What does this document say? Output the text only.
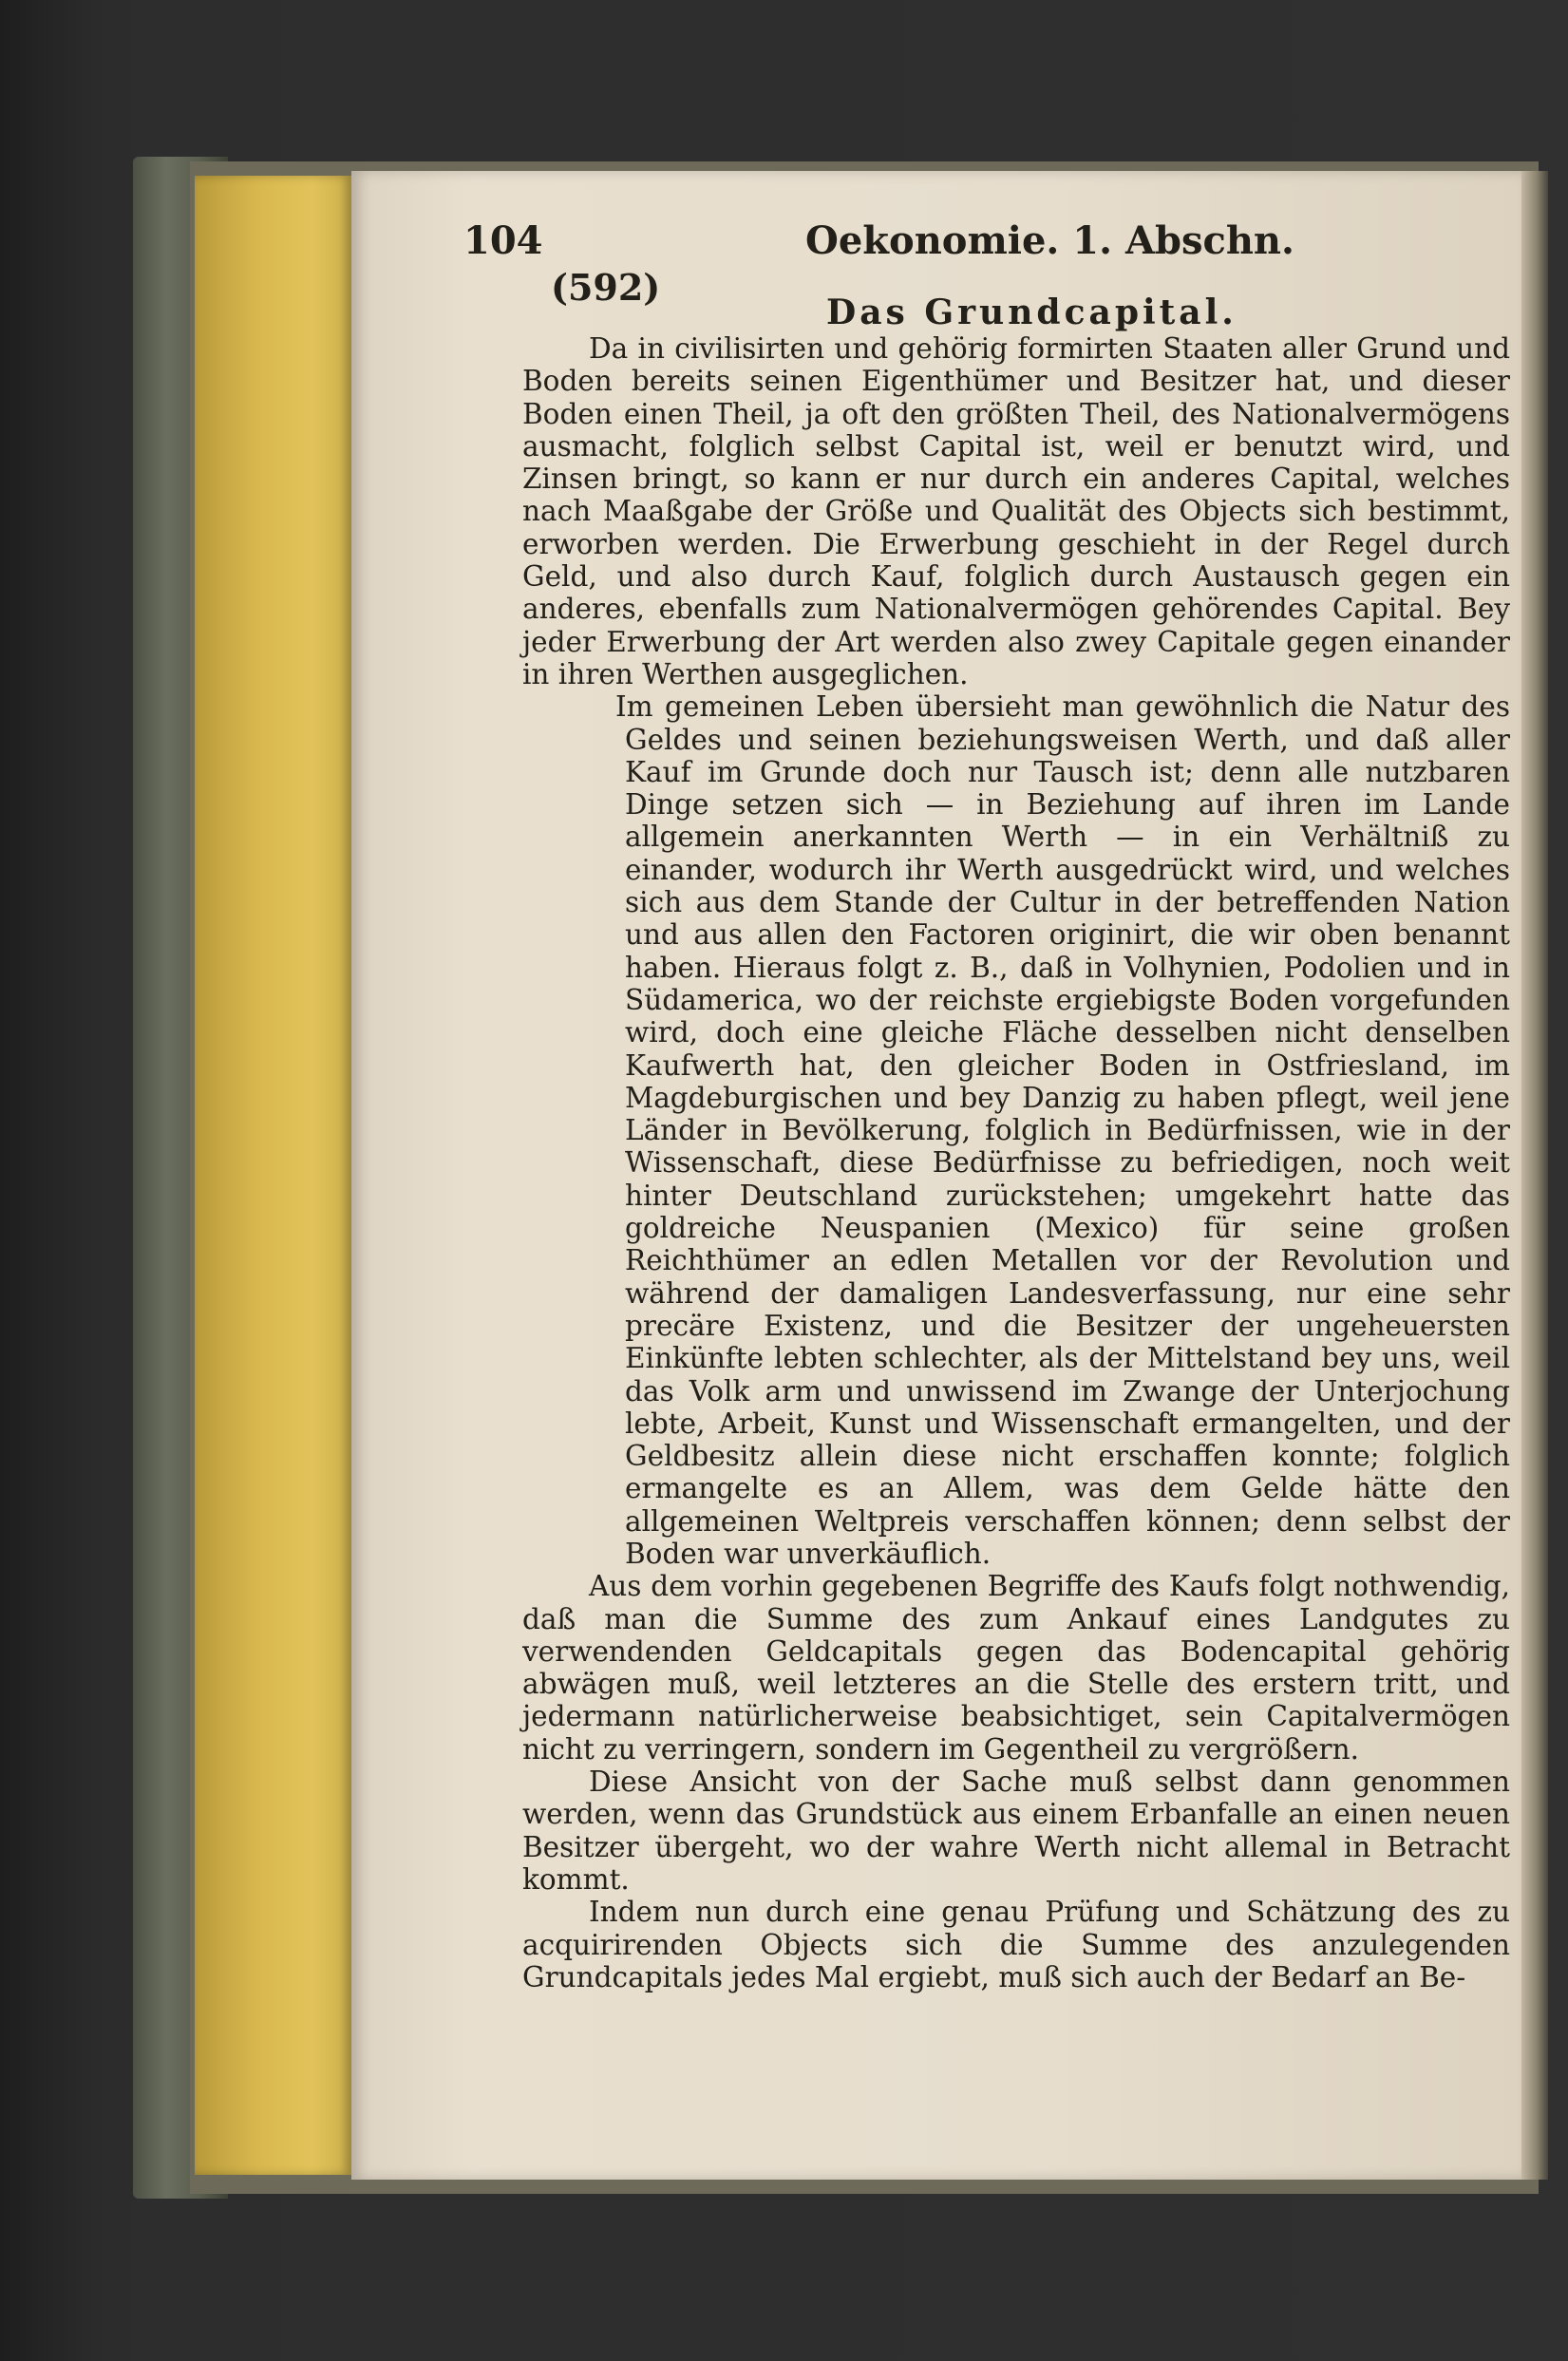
104	Oekonomie. 1. Abschn.
(592)
Das Grundcapital.

Da in civilisirten und gehörig formirten Staaten aller Grund und Boden bereits seinen Eigenthümer und Besitzer hat, und dieser Boden einen Theil, ja oft den größten Theil, des Nationalvermögens ausmacht, folglich selbst Capital ist, weil er benutzt wird, und Zinsen bringt, so kann er nur durch ein anderes Capital, welches nach Maaßgabe der Größe und Qualität des Objects sich bestimmt, erworben werden. Die Erwerbung geschieht in der Regel durch Geld, und also durch Kauf, folglich durch Austausch gegen ein anderes, ebenfalls zum Nationalvermögen gehörendes Capital. Bey jeder Erwerbung der Art werden also zwey Capitale gegen einander in ihren Werthen ausgeglichen.

Im gemeinen Leben übersieht man gewöhnlich die Natur des Geldes und seinen beziehungsweisen Werth, und daß aller Kauf im Grunde doch nur Tausch ist; denn alle nutzbaren Dinge setzen sich — in Beziehung auf ihren im Lande allgemein anerkannten Werth — in ein Verhältniß zu einander, wodurch ihr Werth ausgedrückt wird, und welches sich aus dem Stande der Cultur in der betreffenden Nation und aus allen den Factoren originirt, die wir oben benannt haben. Hieraus folgt z. B., daß in Volhynien, Podolien und in Südamerica, wo der reichste ergiebigste Boden vorgefunden wird, doch eine gleiche Fläche desselben nicht denselben Kaufwerth hat, den gleicher Boden in Ostfriesland, im Magdeburgischen und bey Danzig zu haben pflegt, weil jene Länder in Bevölkerung, folglich in Bedürfnissen, wie in der Wissenschaft, diese Bedürfnisse zu befriedigen, noch weit hinter Deutschland zurückstehen; umgekehrt hatte das goldreiche Neuspanien (Mexico) für seine großen Reichthümer an edlen Metallen vor der Revolution und während der damaligen Landesverfassung, nur eine sehr precäre Existenz, und die Besitzer der ungeheuersten Einkünfte lebten schlechter, als der Mittelstand bey uns, weil das Volk arm und unwissend im Zwange der Unterjochung lebte, Arbeit, Kunst und Wissenschaft ermangelten, und der Geldbesitz allein diese nicht erschaffen konnte; folglich ermangelte es an Allem, was dem Gelde hätte den allgemeinen Weltpreis verschaffen können; denn selbst der Boden war unverkäuflich.

Aus dem vorhin gegebenen Begriffe des Kaufs folgt nothwendig, daß man die Summe des zum Ankauf eines Landgutes zu verwendenden Geldcapitals gegen das Bodencapital gehörig abwägen muß, weil letzteres an die Stelle des erstern tritt, und jedermann natürlicherweise beabsichtiget, sein Capitalvermögen nicht zu verringern, sondern im Gegentheil zu vergrößern.

Diese Ansicht von der Sache muß selbst dann genommen werden, wenn das Grundstück aus einem Erbanfalle an einen neuen Besitzer übergeht, wo der wahre Werth nicht allemal in Betracht kommt.

Indem nun durch eine genau Prüfung und Schätzung des zu acquirirenden Objects sich die Summe des anzulegenden Grundcapitals jedes Mal ergiebt, muß sich auch der Bedarf an Be-
